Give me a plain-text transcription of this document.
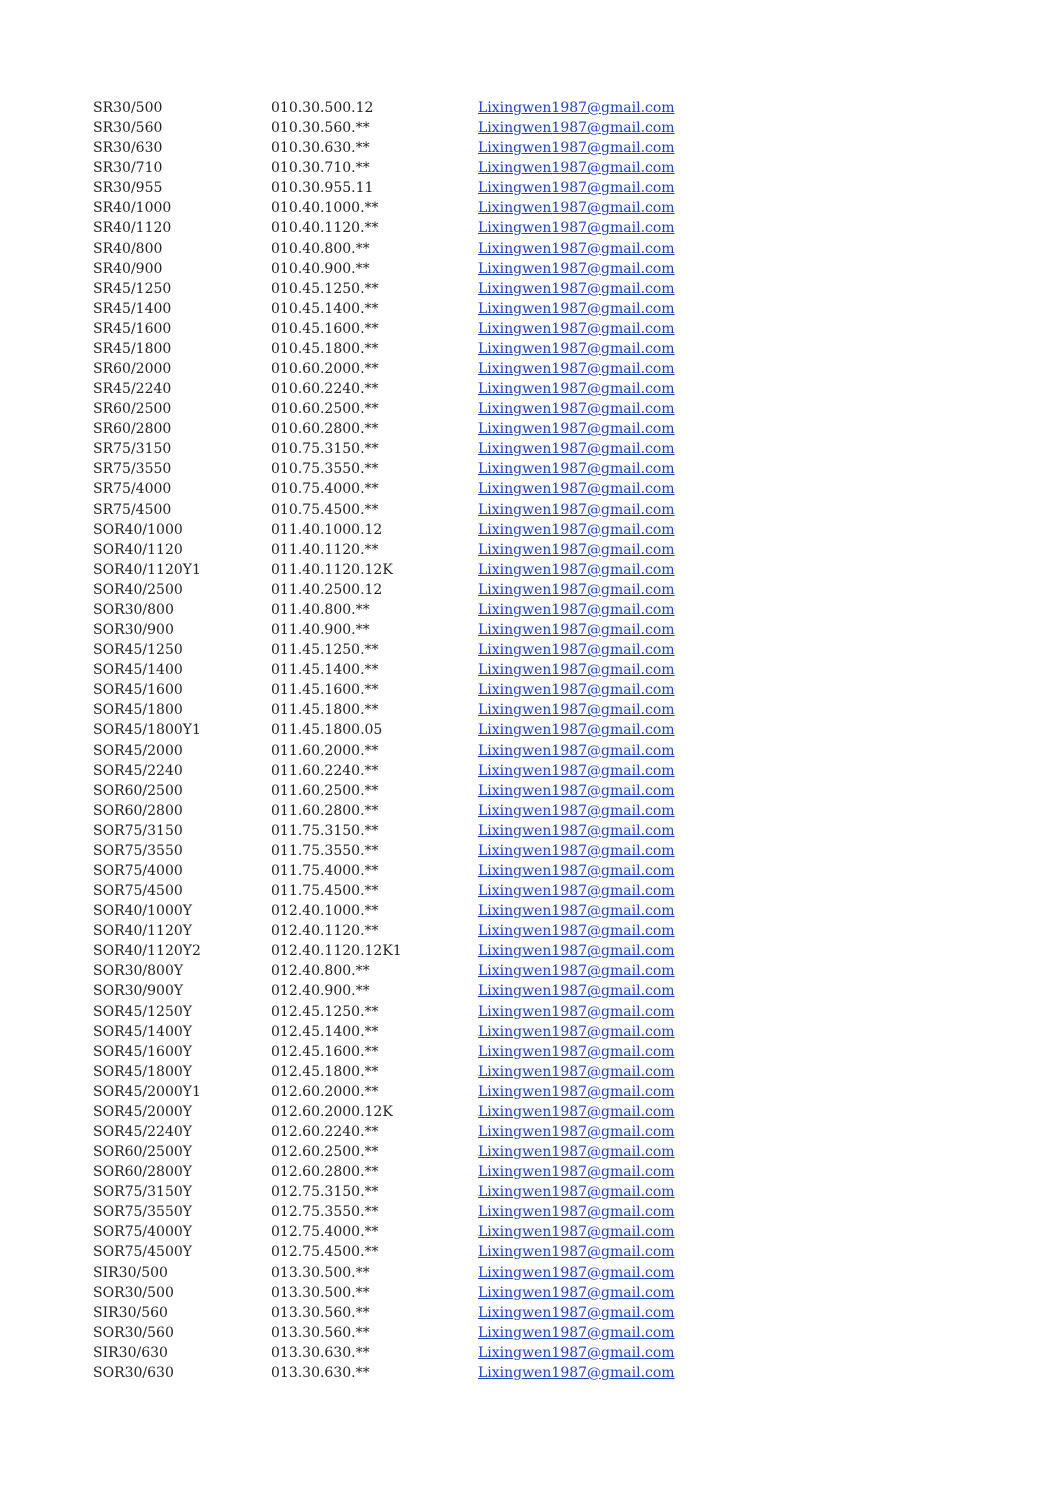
SR30/500	010.30.500.12	Lixingwen1987@gmail.com
SR30/560	010.30.560.**	Lixingwen1987@gmail.com
SR30/630	010.30.630.**	Lixingwen1987@gmail.com
SR30/710	010.30.710.**	Lixingwen1987@gmail.com
SR30/955	010.30.955.11	Lixingwen1987@gmail.com
SR40/1000	010.40.1000.**	Lixingwen1987@gmail.com
SR40/1120	010.40.1120.**	Lixingwen1987@gmail.com
SR40/800	010.40.800.**	Lixingwen1987@gmail.com
SR40/900	010.40.900.**	Lixingwen1987@gmail.com
SR45/1250	010.45.1250.**	Lixingwen1987@gmail.com
SR45/1400	010.45.1400.**	Lixingwen1987@gmail.com
SR45/1600	010.45.1600.**	Lixingwen1987@gmail.com
SR45/1800	010.45.1800.**	Lixingwen1987@gmail.com
SR60/2000	010.60.2000.**	Lixingwen1987@gmail.com
SR45/2240	010.60.2240.**	Lixingwen1987@gmail.com
SR60/2500	010.60.2500.**	Lixingwen1987@gmail.com
SR60/2800	010.60.2800.**	Lixingwen1987@gmail.com
SR75/3150	010.75.3150.**	Lixingwen1987@gmail.com
SR75/3550	010.75.3550.**	Lixingwen1987@gmail.com
SR75/4000	010.75.4000.**	Lixingwen1987@gmail.com
SR75/4500	010.75.4500.**	Lixingwen1987@gmail.com
SOR40/1000	011.40.1000.12	Lixingwen1987@gmail.com
SOR40/1120	011.40.1120.**	Lixingwen1987@gmail.com
SOR40/1120Y1	011.40.1120.12K	Lixingwen1987@gmail.com
SOR40/2500	011.40.2500.12	Lixingwen1987@gmail.com
SOR30/800	011.40.800.**	Lixingwen1987@gmail.com
SOR30/900	011.40.900.**	Lixingwen1987@gmail.com
SOR45/1250	011.45.1250.**	Lixingwen1987@gmail.com
SOR45/1400	011.45.1400.**	Lixingwen1987@gmail.com
SOR45/1600	011.45.1600.**	Lixingwen1987@gmail.com
SOR45/1800	011.45.1800.**	Lixingwen1987@gmail.com
SOR45/1800Y1	011.45.1800.05	Lixingwen1987@gmail.com
SOR45/2000	011.60.2000.**	Lixingwen1987@gmail.com
SOR45/2240	011.60.2240.**	Lixingwen1987@gmail.com
SOR60/2500	011.60.2500.**	Lixingwen1987@gmail.com
SOR60/2800	011.60.2800.**	Lixingwen1987@gmail.com
SOR75/3150	011.75.3150.**	Lixingwen1987@gmail.com
SOR75/3550	011.75.3550.**	Lixingwen1987@gmail.com
SOR75/4000	011.75.4000.**	Lixingwen1987@gmail.com
SOR75/4500	011.75.4500.**	Lixingwen1987@gmail.com
SOR40/1000Y	012.40.1000.**	Lixingwen1987@gmail.com
SOR40/1120Y	012.40.1120.**	Lixingwen1987@gmail.com
SOR40/1120Y2	012.40.1120.12K1	Lixingwen1987@gmail.com
SOR30/800Y	012.40.800.**	Lixingwen1987@gmail.com
SOR30/900Y	012.40.900.**	Lixingwen1987@gmail.com
SOR45/1250Y	012.45.1250.**	Lixingwen1987@gmail.com
SOR45/1400Y	012.45.1400.**	Lixingwen1987@gmail.com
SOR45/1600Y	012.45.1600.**	Lixingwen1987@gmail.com
SOR45/1800Y	012.45.1800.**	Lixingwen1987@gmail.com
SOR45/2000Y1	012.60.2000.**	Lixingwen1987@gmail.com
SOR45/2000Y	012.60.2000.12K	Lixingwen1987@gmail.com
SOR45/2240Y	012.60.2240.**	Lixingwen1987@gmail.com
SOR60/2500Y	012.60.2500.**	Lixingwen1987@gmail.com
SOR60/2800Y	012.60.2800.**	Lixingwen1987@gmail.com
SOR75/3150Y	012.75.3150.**	Lixingwen1987@gmail.com
SOR75/3550Y	012.75.3550.**	Lixingwen1987@gmail.com
SOR75/4000Y	012.75.4000.**	Lixingwen1987@gmail.com
SOR75/4500Y	012.75.4500.**	Lixingwen1987@gmail.com
SIR30/500	013.30.500.**	Lixingwen1987@gmail.com
SOR30/500	013.30.500.**	Lixingwen1987@gmail.com
SIR30/560	013.30.560.**	Lixingwen1987@gmail.com
SOR30/560	013.30.560.**	Lixingwen1987@gmail.com
SIR30/630	013.30.630.**	Lixingwen1987@gmail.com
SOR30/630	013.30.630.**	Lixingwen1987@gmail.com
